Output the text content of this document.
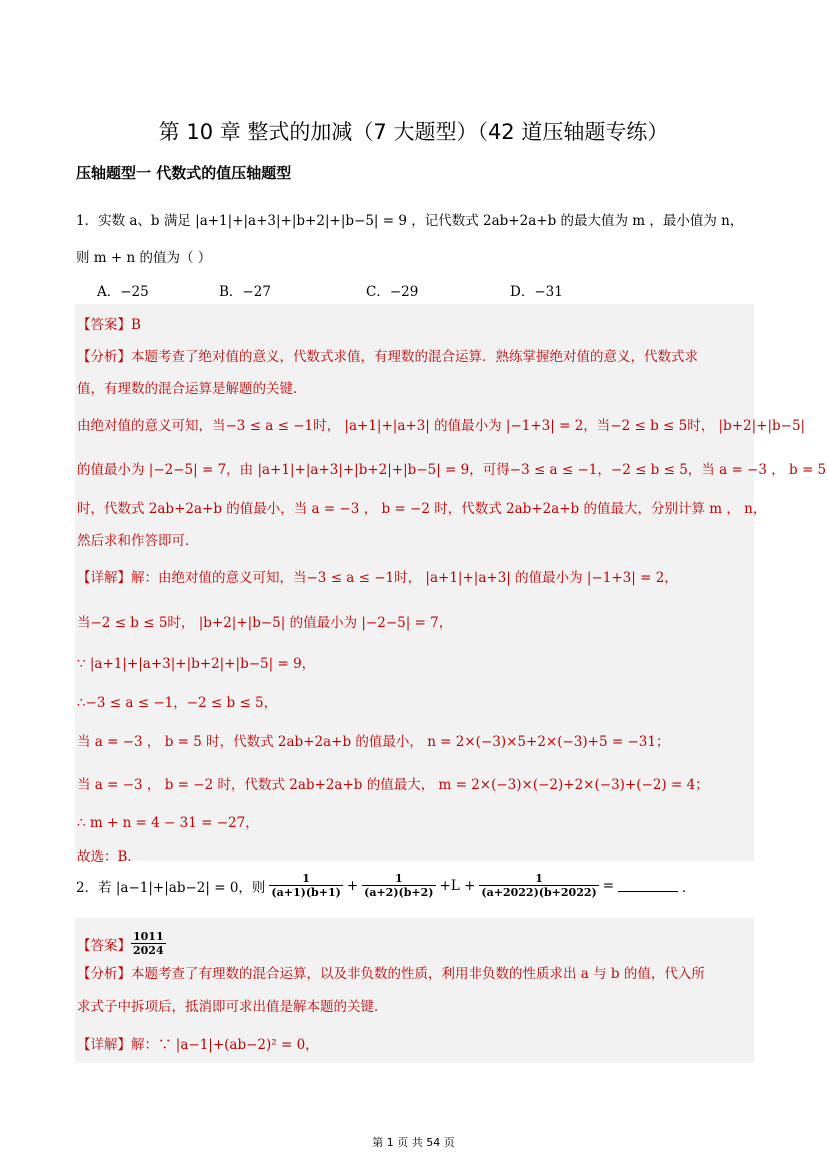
第 10 章 整式的加减（7 大题型）（42 道压轴题专练）
压轴题型一 代数式的值压轴题型
1．实数 a、b 满足 |a+1|+|a+3|+|b+2|+|b−5| = 9 ，记代数式 2ab+2a+b 的最大值为 m ，最小值为 n，
则 m + n 的值为（ ）
A．−25	B．−27	C．−29	D．−31
【答案】B
【分析】本题考查了绝对值的意义，代数式求值，有理数的混合运算．熟练掌握绝对值的意义，代数式求
值，有理数的混合运算是解题的关键．
由绝对值的意义可知，当−3 ≤ a ≤ −1时， |a+1|+|a+3| 的值最小为 |−1+3| = 2，当−2 ≤ b ≤ 5时， |b+2|+|b−5|
的值最小为 |−2−5| = 7，由 |a+1|+|a+3|+|b+2|+|b−5| = 9，可得−3 ≤ a ≤ −1，−2 ≤ b ≤ 5，当 a = −3 ， b = 5
时，代数式 2ab+2a+b 的值最小，当 a = −3 ， b = −2 时，代数式 2ab+2a+b 的值最大，分别计算 m ， n，
然后求和作答即可．
【详解】解：由绝对值的意义可知，当−3 ≤ a ≤ −1时， |a+1|+|a+3| 的值最小为 |−1+3| = 2，
当−2 ≤ b ≤ 5时， |b+2|+|b−5| 的值最小为 |−2−5| = 7，
∵ |a+1|+|a+3|+|b+2|+|b−5| = 9，
∴−3 ≤ a ≤ −1，−2 ≤ b ≤ 5，
当 a = −3 ， b = 5 时，代数式 2ab+2a+b 的值最小， n = 2×(−3)×5+2×(−3)+5 = −31；
当 a = −3 ， b = −2 时，代数式 2ab+2a+b 的值最大， m = 2×(−3)×(−2)+2×(−3)+(−2) = 4；
∴ m + n = 4 − 31 = −27，
故选：B．
2．若 |a−1|+|ab−2| = 0，则 $\frac{1}{(a+1)(b+1)} + \frac{1}{(a+2)(b+2)} +L + \frac{1}{(a+2022)(b+2022)}$ =	．
【答案】 $\frac{1011}{2024}$
【分析】本题考查了有理数的混合运算，以及非负数的性质，利用非负数的性质求出 a 与 b 的值，代入所
求式子中拆项后，抵消即可求出值是解本题的关键．
【详解】解：∵ |a−1|+(ab−2)² = 0，
第 1 页 共 54 页
